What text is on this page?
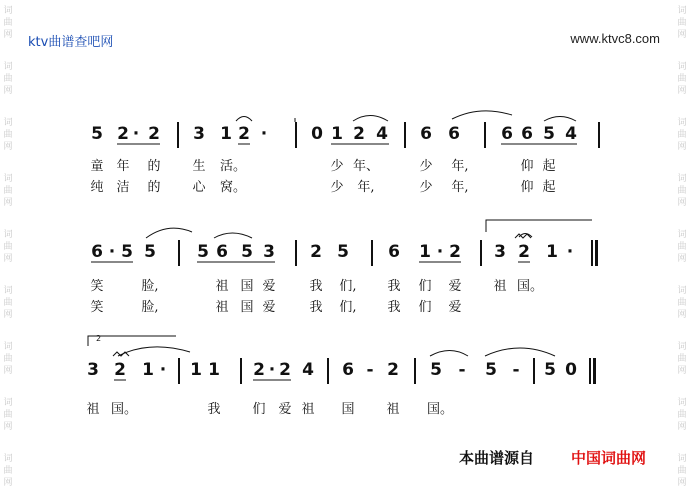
词
曲
网
词
曲
网
词
曲
网
词
曲
网
词
曲
网
词
曲
网
词
曲
网
词
曲
网
词
曲
网
词
曲
网
词
曲
网
词
曲
网
词
曲
网
词
曲
网
词
曲
网
词
曲
网
词
曲
网
词
曲
网
ktv曲谱查吧网	www.ktvc8.com
5 2 · 2 3 1 2 ·	0 1 2 4 6 6 6 6 5 4
童 年 的 生 活。	少 年、	少 年,	仰 起
纯 洁 的 心 窝。	少 年,	少 年,	仰 起
6 · 5 5 5 6 5 3 2 5 6 1 · 2 3 2 1 ·
笑	脸,	祖 国 爱	我 们, 我 们 爱 祖 国。
笑	脸,	祖 国 爱	我 们, 我 们 爱
2
3 2 1 · 1 1 2 · 2 4 6 - 2 5 - 5 - 5 0
祖 国。	我 们 爱 祖 国 祖 国。
本曲谱源自 中国词曲网
